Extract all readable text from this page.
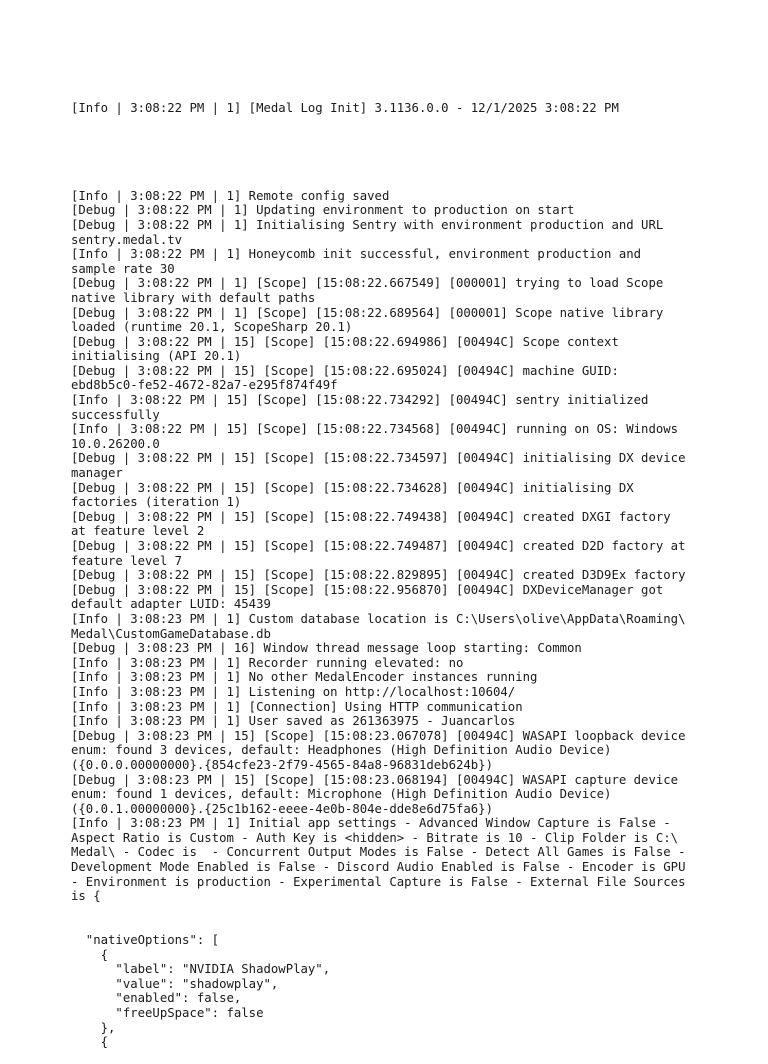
[Info | 3:08:22 PM | 1] [Medal Log Init] 3.1136.0.0 - 12/1/2025 3:08:22 PM

[Info | 3:08:22 PM | 1] Remote config saved
[Debug | 3:08:22 PM | 1] Updating environment to production on start
[Debug | 3:08:22 PM | 1] Initialising Sentry with environment production and URL
sentry.medal.tv
[Info | 3:08:22 PM | 1] Honeycomb init successful, environment production and
sample rate 30
[Debug | 3:08:22 PM | 1] [Scope] [15:08:22.667549] [000001] trying to load Scope
native library with default paths
[Debug | 3:08:22 PM | 1] [Scope] [15:08:22.689564] [000001] Scope native library
loaded (runtime 20.1, ScopeSharp 20.1)
[Debug | 3:08:22 PM | 15] [Scope] [15:08:22.694986] [00494C] Scope context
initialising (API 20.1)
[Debug | 3:08:22 PM | 15] [Scope] [15:08:22.695024] [00494C] machine GUID:
ebd8b5c0-fe52-4672-82a7-e295f874f49f
[Info | 3:08:22 PM | 15] [Scope] [15:08:22.734292] [00494C] sentry initialized
successfully
[Info | 3:08:22 PM | 15] [Scope] [15:08:22.734568] [00494C] running on OS: Windows
10.0.26200.0
[Debug | 3:08:22 PM | 15] [Scope] [15:08:22.734597] [00494C] initialising DX device
manager
[Debug | 3:08:22 PM | 15] [Scope] [15:08:22.734628] [00494C] initialising DX
factories (iteration 1)
[Debug | 3:08:22 PM | 15] [Scope] [15:08:22.749438] [00494C] created DXGI factory
at feature level 2
[Debug | 3:08:22 PM | 15] [Scope] [15:08:22.749487] [00494C] created D2D factory at
feature level 7
[Debug | 3:08:22 PM | 15] [Scope] [15:08:22.829895] [00494C] created D3D9Ex factory
[Debug | 3:08:22 PM | 15] [Scope] [15:08:22.956870] [00494C] DXDeviceManager got
default adapter LUID: 45439
[Info | 3:08:23 PM | 1] Custom database location is C:\Users\olive\AppData\Roaming\
Medal\CustomGameDatabase.db
[Debug | 3:08:23 PM | 16] Window thread message loop starting: Common
[Info | 3:08:23 PM | 1] Recorder running elevated: no
[Info | 3:08:23 PM | 1] No other MedalEncoder instances running
[Info | 3:08:23 PM | 1] Listening on http://localhost:10604/
[Info | 3:08:23 PM | 1] [Connection] Using HTTP communication
[Info | 3:08:23 PM | 1] User saved as 261363975 - Juancarlos
[Debug | 3:08:23 PM | 15] [Scope] [15:08:23.067078] [00494C] WASAPI loopback device
enum: found 3 devices, default: Headphones (High Definition Audio Device)
({0.0.0.00000000}.{854cfe23-2f79-4565-84a8-96831deb624b})
[Debug | 3:08:23 PM | 15] [Scope] [15:08:23.068194] [00494C] WASAPI capture device
enum: found 1 devices, default: Microphone (High Definition Audio Device)
({0.0.1.00000000}.{25c1b162-eeee-4e0b-804e-dde8e6d75fa6})
[Info | 3:08:23 PM | 1] Initial app settings - Advanced Window Capture is False -
Aspect Ratio is Custom - Auth Key is <hidden> - Bitrate is 10 - Clip Folder is C:\
Medal\ - Codec is  - Concurrent Output Modes is False - Detect All Games is False -
Development Mode Enabled is False - Discord Audio Enabled is False - Encoder is GPU
- Environment is production - Experimental Capture is False - External File Sources
is {

"nativeOptions": [
{
"label": "NVIDIA ShadowPlay",
"value": "shadowplay",
"enabled": false,
"freeUpSpace": false
},
{
